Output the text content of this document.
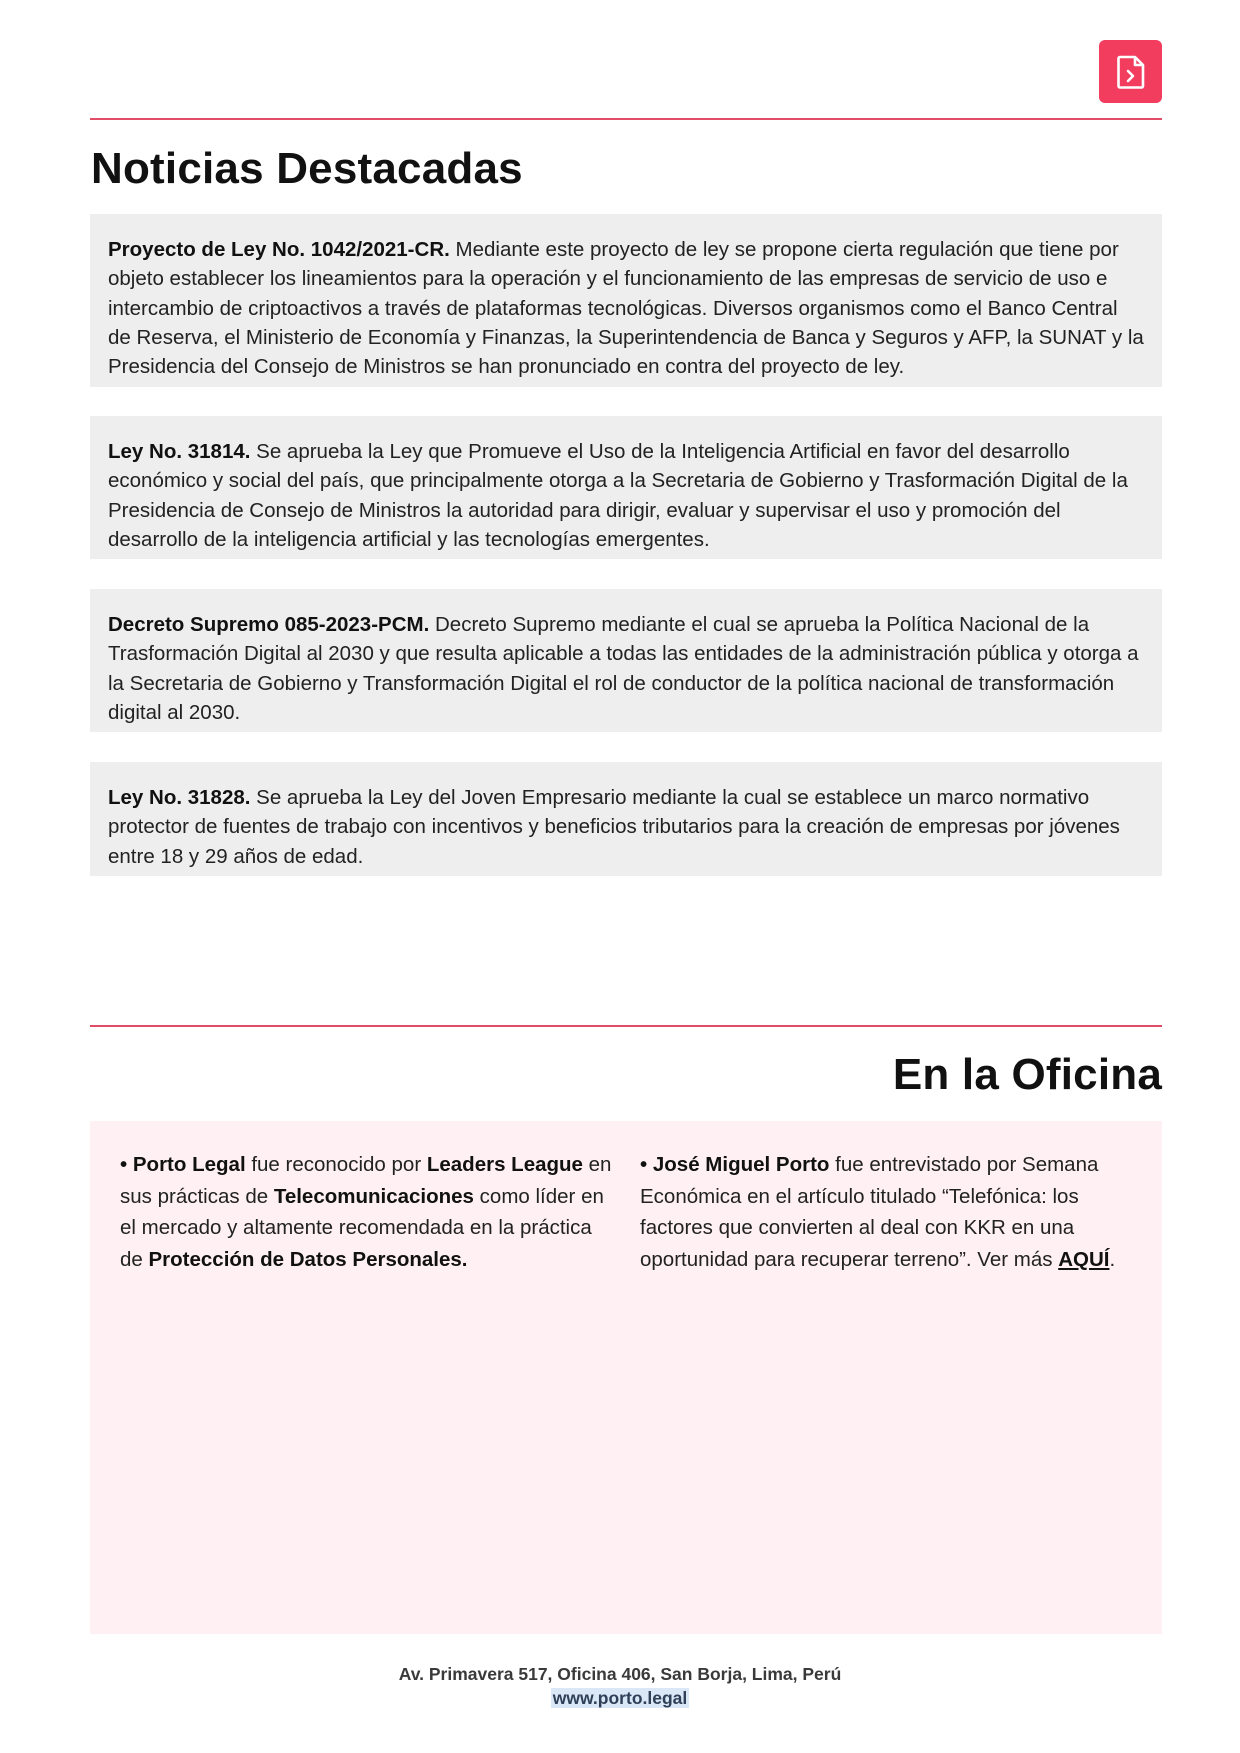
Noticias Destacadas
Proyecto de Ley No. 1042/2021-CR. Mediante este proyecto de ley se propone cierta regulación que tiene por objeto establecer los lineamientos para la operación y el funcionamiento de las empresas de servicio de uso e intercambio de criptoactivos a través de plataformas tecnológicas. Diversos organismos como el Banco Central de Reserva, el Ministerio de Economía y Finanzas, la Superintendencia de Banca y Seguros y AFP, la SUNAT y la Presidencia del Consejo de Ministros se han pronunciado en contra del proyecto de ley.
Ley No. 31814. Se aprueba la Ley que Promueve el Uso de la Inteligencia Artificial en favor del desarrollo económico y social del país, que principalmente otorga a la Secretaria de Gobierno y Trasformación Digital de la Presidencia de Consejo de Ministros la autoridad para dirigir, evaluar y supervisar el uso y promoción del desarrollo de la inteligencia artificial y las tecnologías emergentes.
Decreto Supremo 085-2023-PCM. Decreto Supremo mediante el cual se aprueba la Política Nacional de la Trasformación Digital al 2030 y que resulta aplicable a todas las entidades de la administración pública y otorga a la Secretaria de Gobierno y Transformación Digital el rol de conductor de la política nacional de transformación digital al 2030.
Ley No. 31828. Se aprueba la Ley del Joven Empresario mediante la cual se establece un marco normativo protector de fuentes de trabajo con incentivos y beneficios tributarios para la creación de empresas por jóvenes entre 18 y 29 años de edad.
En la Oficina
• Porto Legal fue reconocido por Leaders League en sus prácticas de Telecomunicaciones como líder en el mercado y altamente recomendada en la práctica de Protección de Datos Personales.
• José Miguel Porto fue entrevistado por Semana Económica en el artículo titulado “Telefónica: los factores que convierten al deal con KKR en una oportunidad para recuperar terreno”. Ver más AQUÍ.
Av. Primavera 517, Oficina 406, San Borja, Lima, Perú
www.porto.legal
